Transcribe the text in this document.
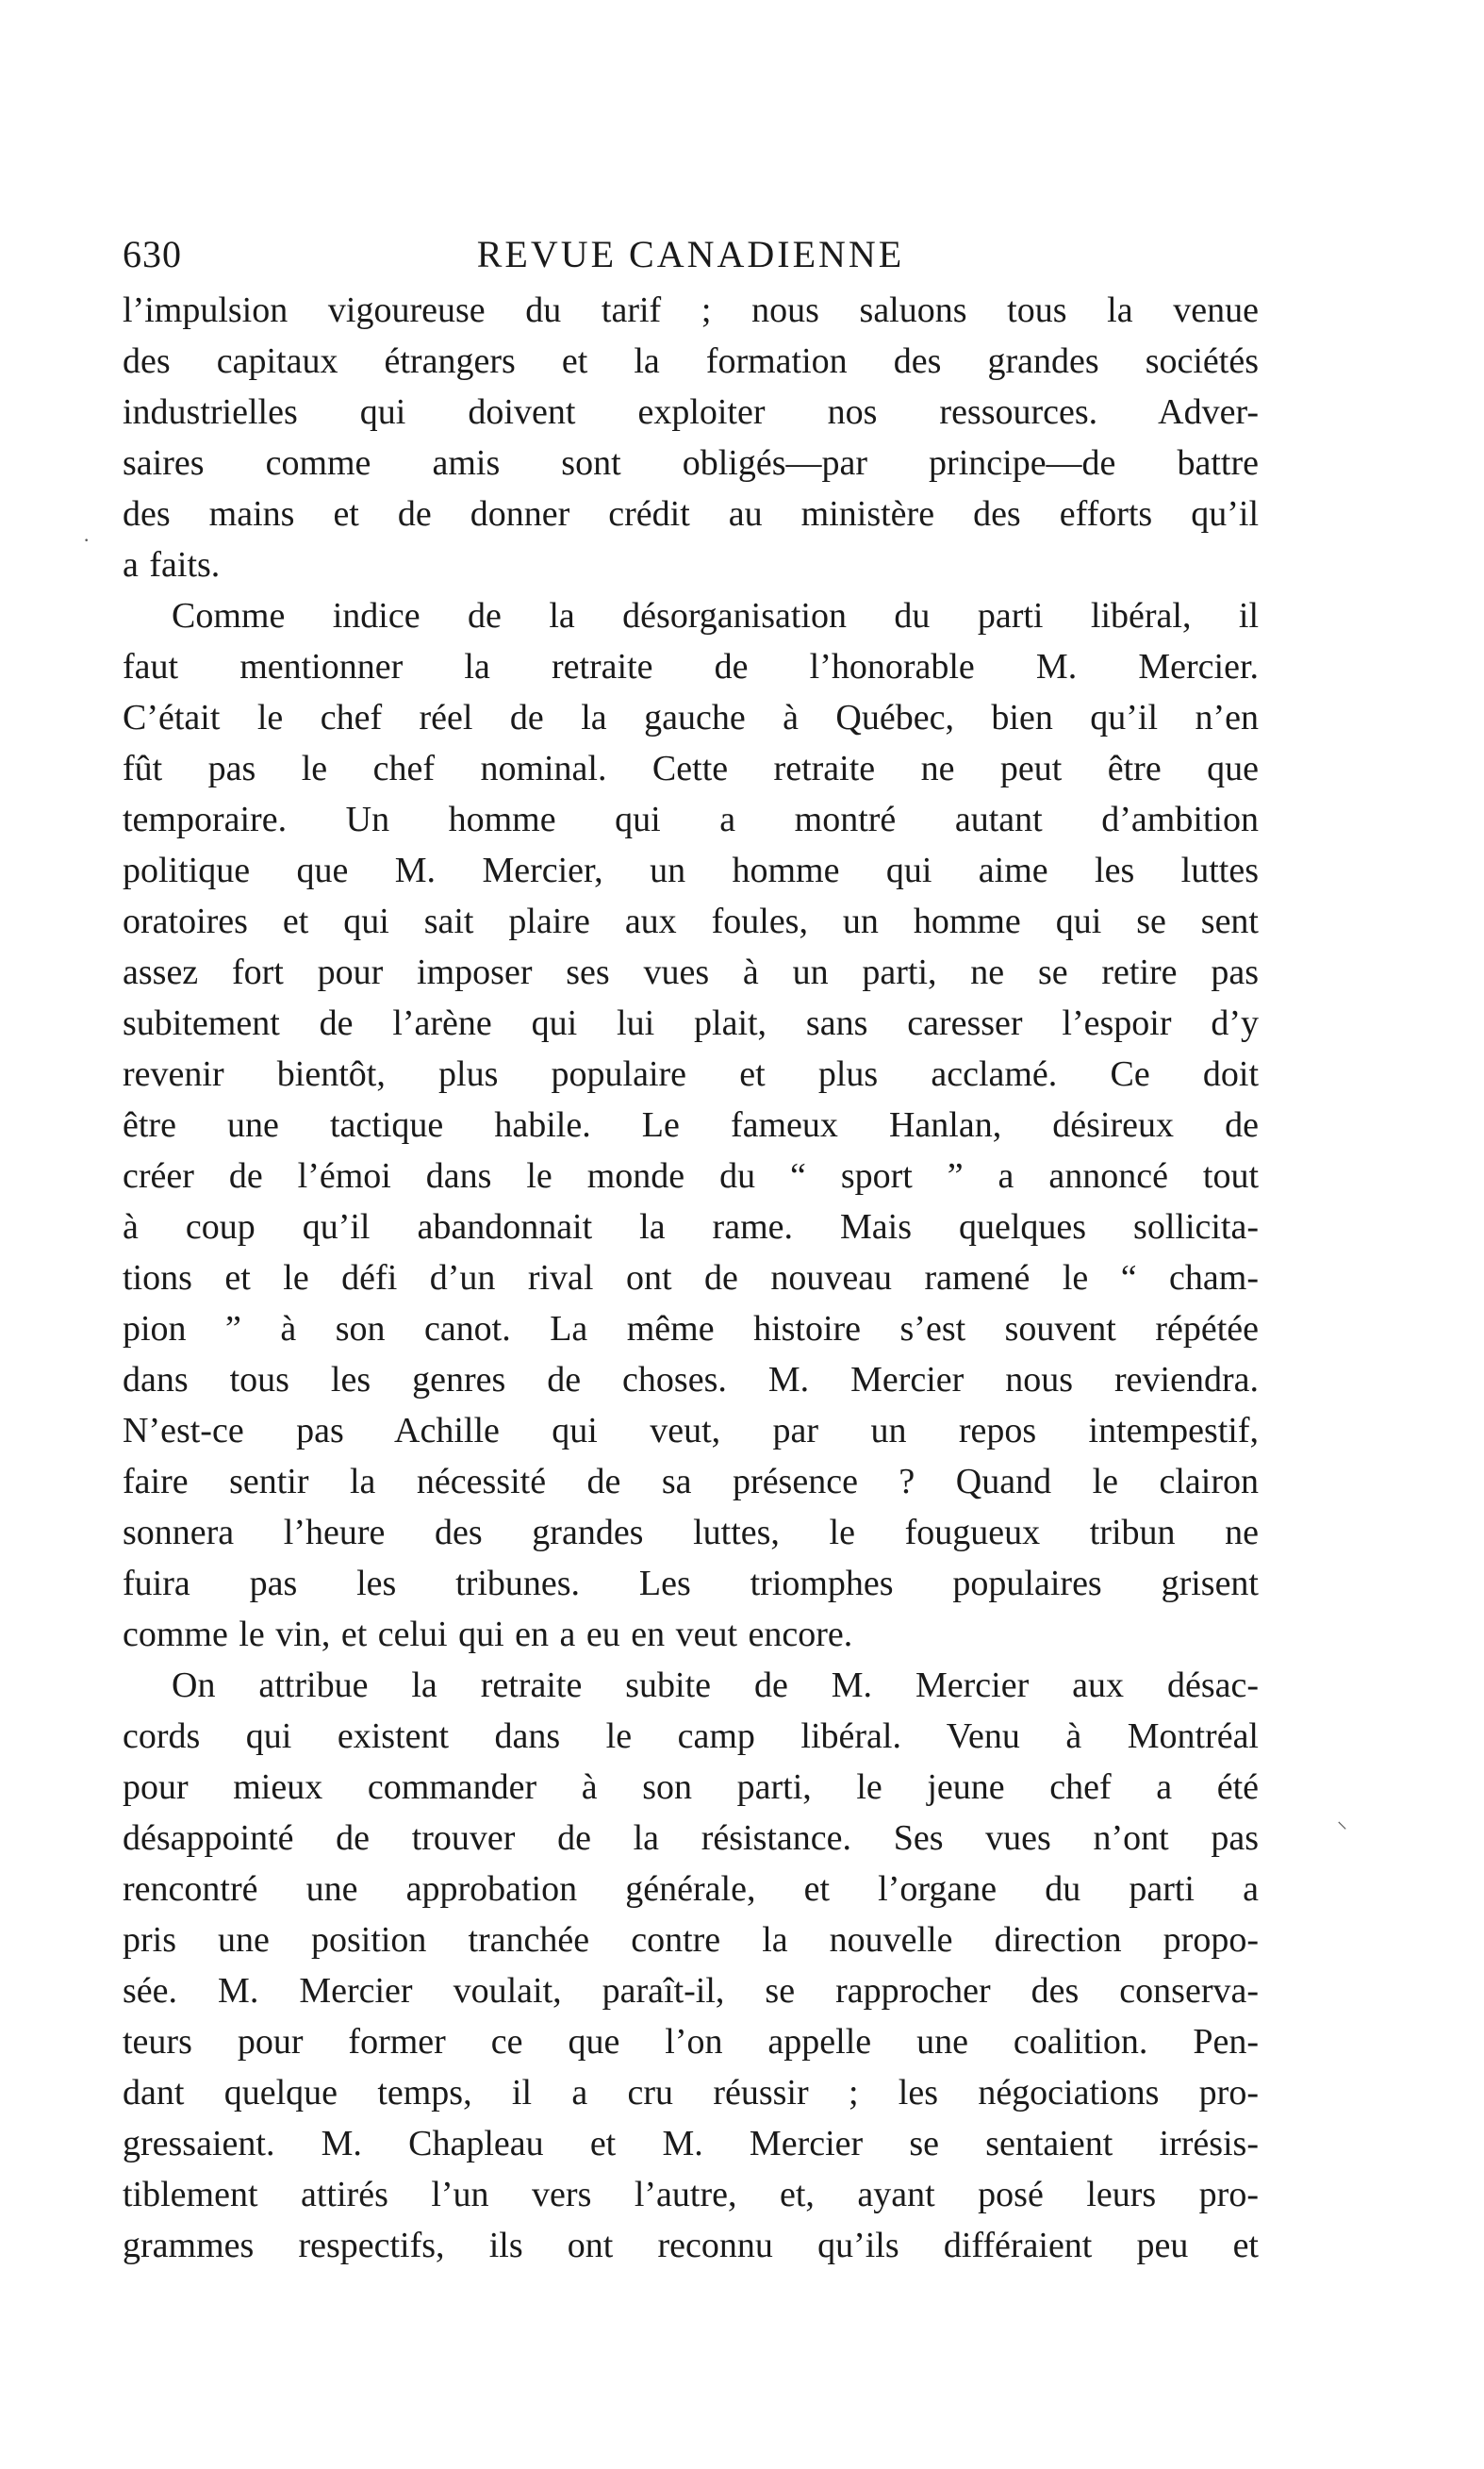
·
⸜
630	REVUE CANADIENNE
l’impulsion vigoureuse du tarif ; nous saluons tous la venue
des capitaux étrangers et la formation des grandes sociétés
industrielles qui doivent exploiter nos ressources. Adver-
saires comme amis sont obligés—par principe—de battre
des mains et de donner crédit au ministère des efforts qu’il
a faits.
Comme indice de la désorganisation du parti libéral, il
faut mentionner la retraite de l’honorable M. Mercier.
C’était le chef réel de la gauche à Québec, bien qu’il n’en
fût pas le chef nominal. Cette retraite ne peut être que
temporaire. Un homme qui a montré autant d’ambition
politique que M. Mercier, un homme qui aime les luttes
oratoires et qui sait plaire aux foules, un homme qui se sent
assez fort pour imposer ses vues à un parti, ne se retire pas
subitement de l’arène qui lui plait, sans caresser l’espoir d’y
revenir bientôt, plus populaire et plus acclamé. Ce doit
être une tactique habile. Le fameux Hanlan, désireux de
créer de l’émoi dans le monde du “ sport ” a annoncé tout
à coup qu’il abandonnait la rame. Mais quelques sollicita-
tions et le défi d’un rival ont de nouveau ramené le “ cham-
pion ” à son canot. La même histoire s’est souvent répétée
dans tous les genres de choses. M. Mercier nous reviendra.
N’est-ce pas Achille qui veut, par un repos intempestif,
faire sentir la nécessité de sa présence ? Quand le clairon
sonnera l’heure des grandes luttes, le fougueux tribun ne
fuira pas les tribunes. Les triomphes populaires grisent
comme le vin, et celui qui en a eu en veut encore.
On attribue la retraite subite de M. Mercier aux désac-
cords qui existent dans le camp libéral. Venu à Montréal
pour mieux commander à son parti, le jeune chef a été
désappointé de trouver de la résistance. Ses vues n’ont pas
rencontré une approbation générale, et l’organe du parti a
pris une position tranchée contre la nouvelle direction propo-
sée. M. Mercier voulait, paraît-il, se rapprocher des conserva-
teurs pour former ce que l’on appelle une coalition. Pen-
dant quelque temps, il a cru réussir ; les négociations pro-
gressaient. M. Chapleau et M. Mercier se sentaient irrésis-
tiblement attirés l’un vers l’autre, et, ayant posé leurs pro-
grammes respectifs, ils ont reconnu qu’ils différaient peu et
